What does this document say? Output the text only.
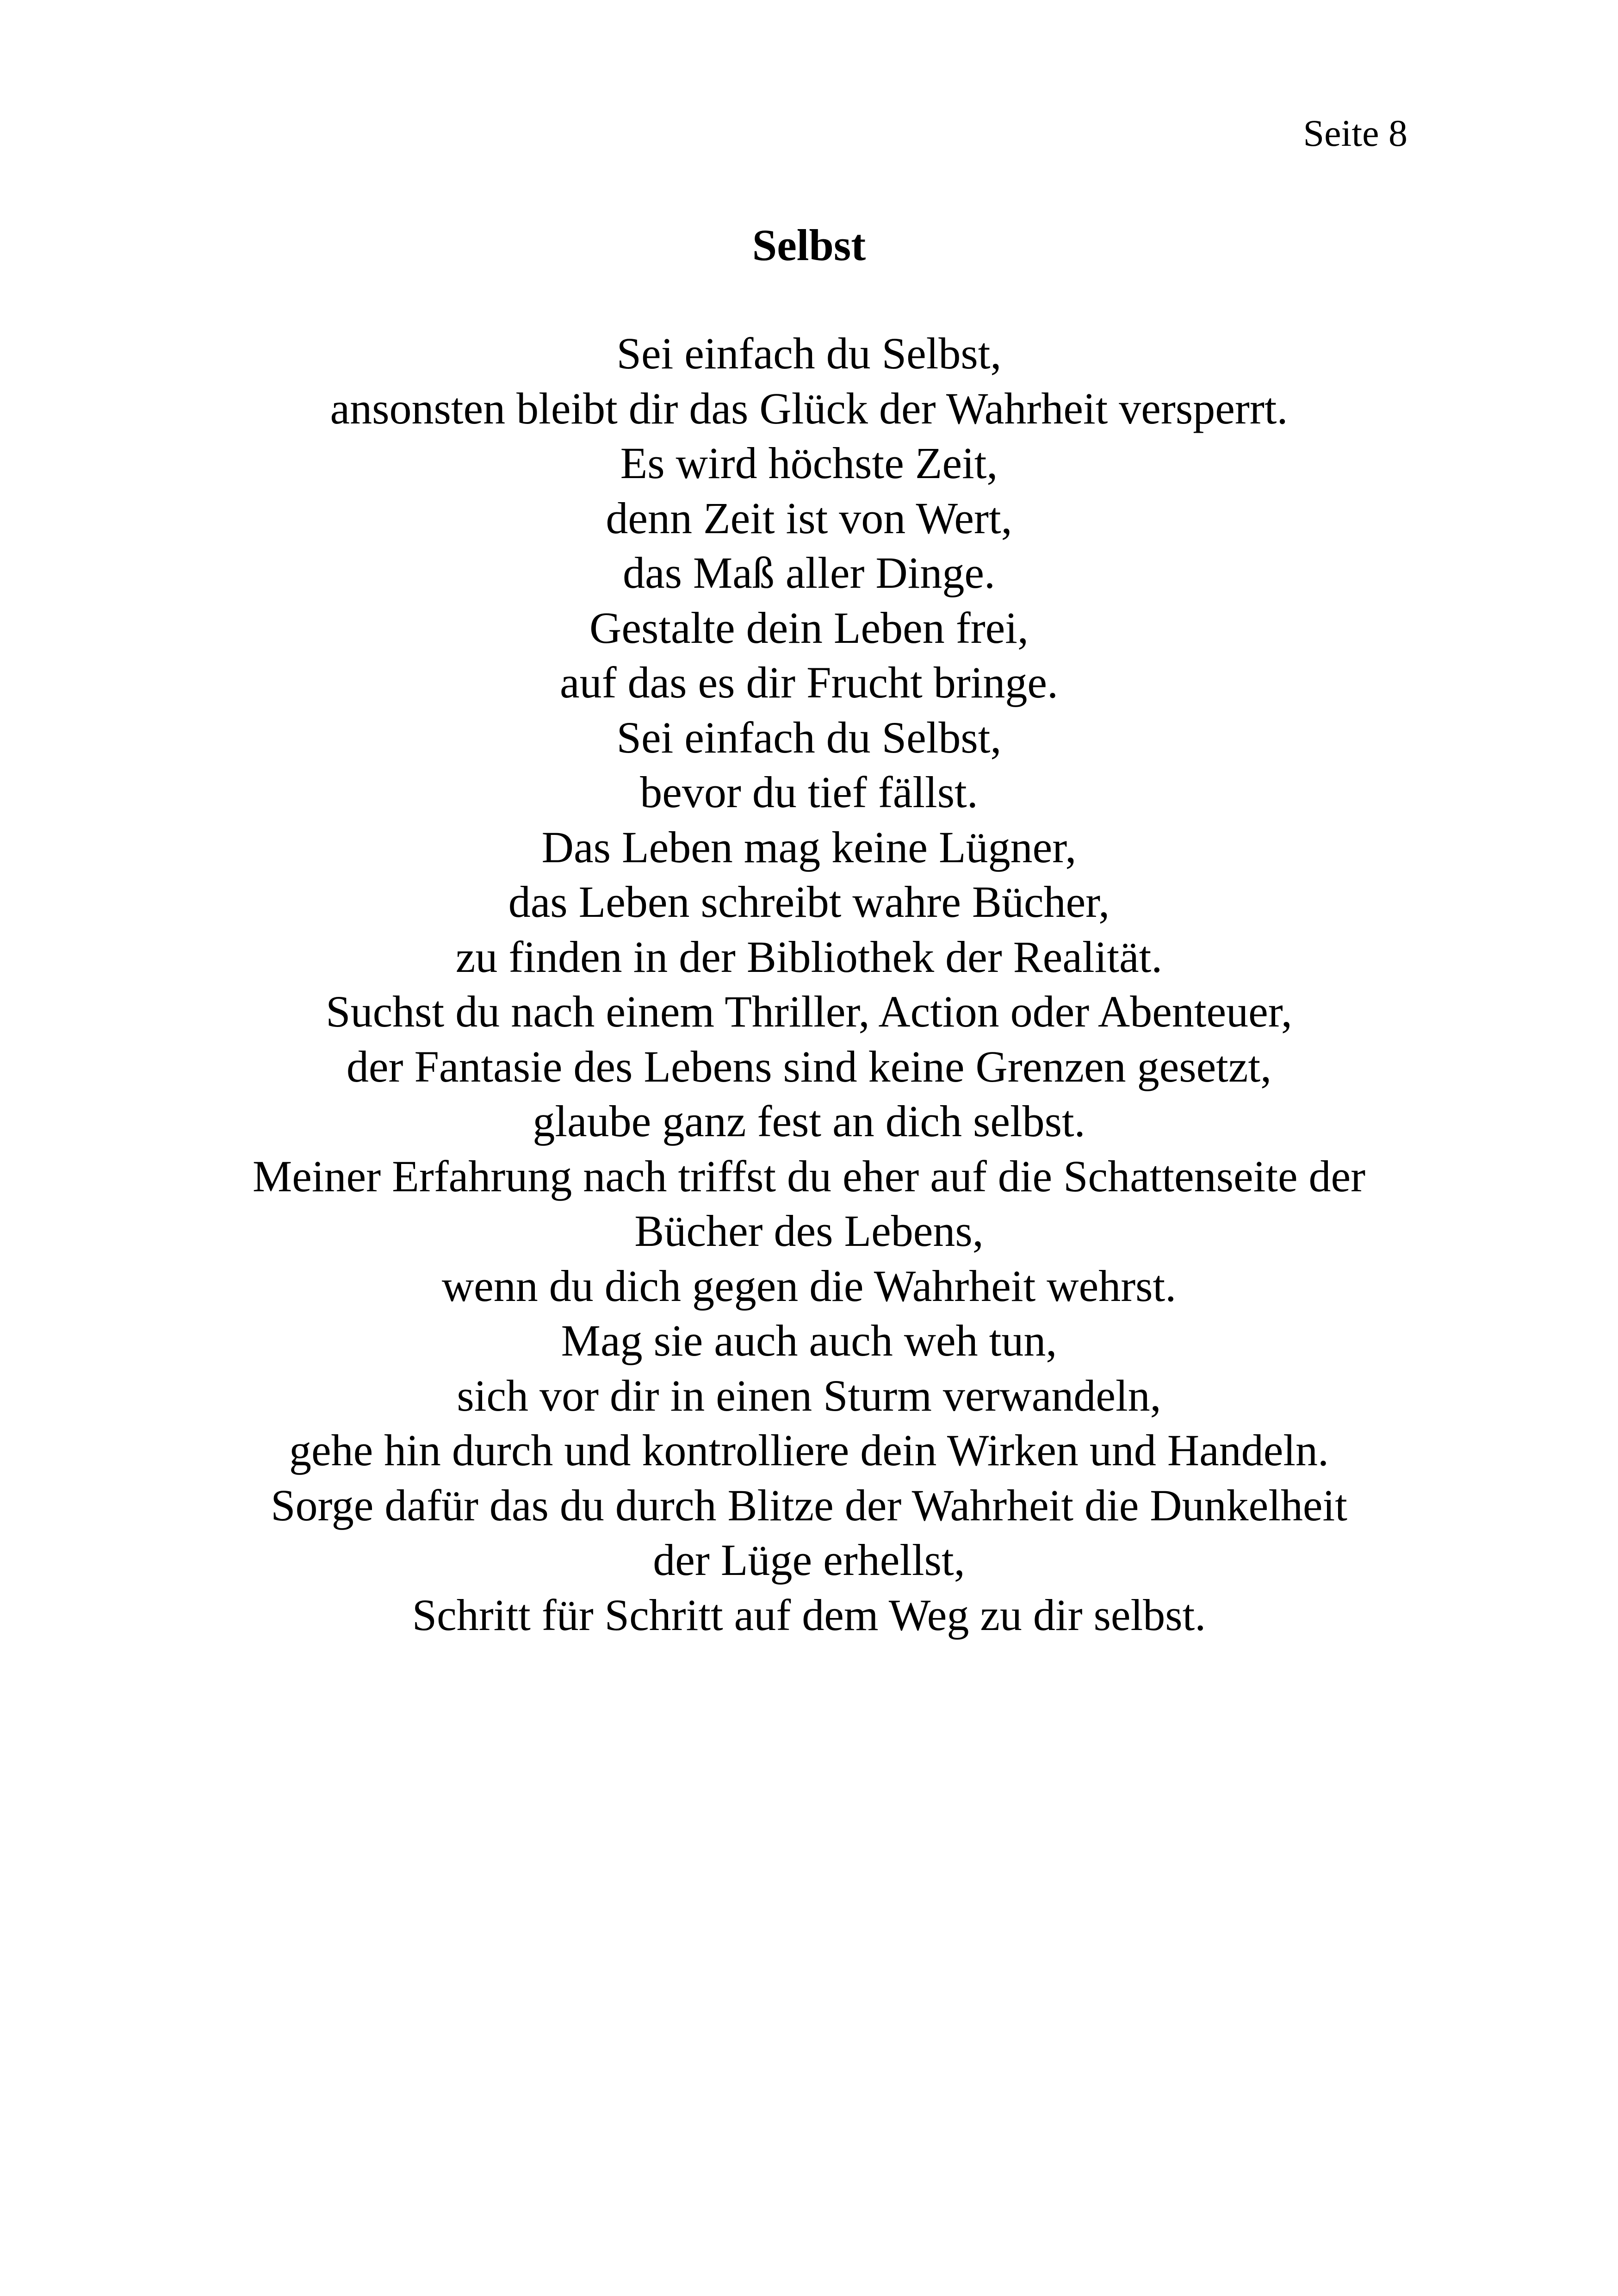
Seite 8
Selbst
Sei einfach du Selbst,
ansonsten bleibt dir das Glück der Wahrheit versperrt.
Es wird höchste Zeit,
denn Zeit ist von Wert,
das Maß aller Dinge.
Gestalte dein Leben frei,
auf das es dir Frucht bringe.
Sei einfach du Selbst,
bevor du tief fällst.
Das Leben mag keine Lügner,
das Leben schreibt wahre Bücher,
zu finden in der Bibliothek der Realität.
Suchst du nach einem Thriller, Action oder Abenteuer,
der Fantasie des Lebens sind keine Grenzen gesetzt,
glaube ganz fest an dich selbst.
Meiner Erfahrung nach triffst du eher auf die Schattenseite der
Bücher des Lebens,
wenn du dich gegen die Wahrheit wehrst.
Mag sie auch auch weh tun,
sich vor dir in einen Sturm verwandeln,
gehe hin durch und kontrolliere dein Wirken und Handeln.
Sorge dafür das du durch Blitze der Wahrheit die Dunkelheit
der Lüge erhellst,
Schritt für Schritt auf dem Weg zu dir selbst.
